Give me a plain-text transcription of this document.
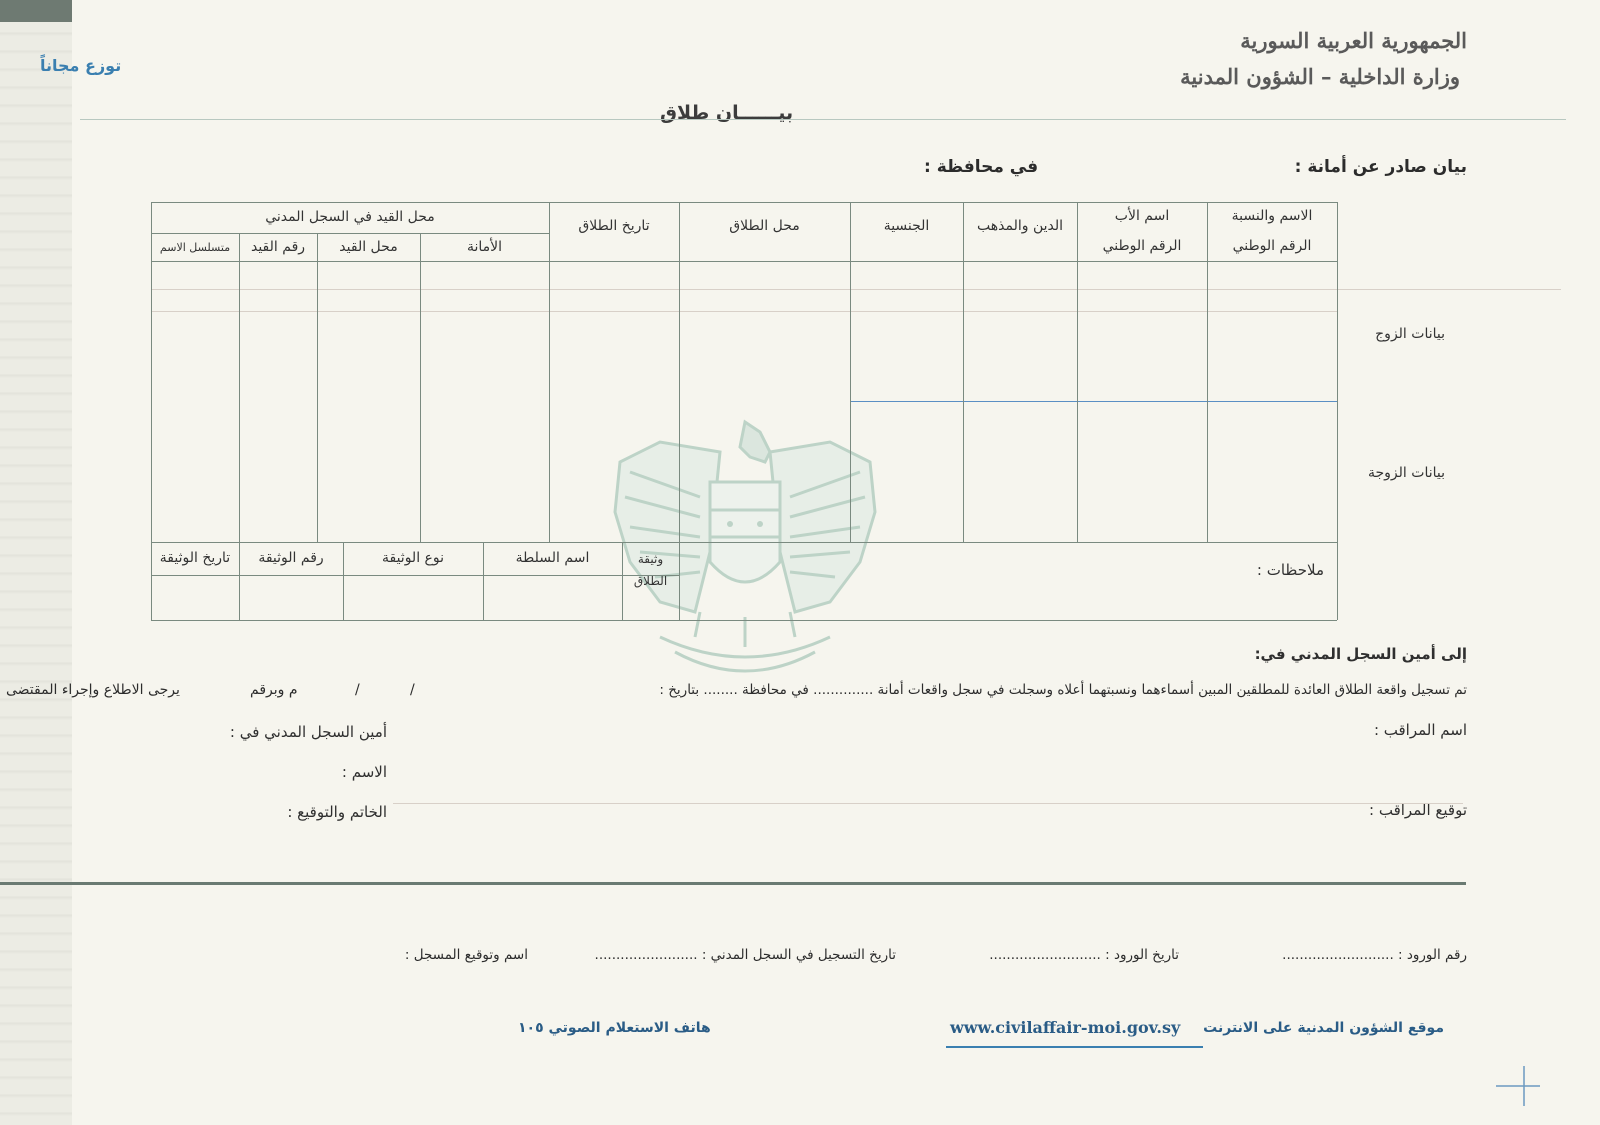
الجمهورية العربية السورية
وزارة الداخلية – الشؤون المدنية
توزع مجاناً
بيــــــان طلاق
بيان صادر عن أمانة :
في محافظة :
الاسم والنسبة
الرقم الوطني
اسم الأب
الرقم الوطني
الدين والمذهب
الجنسية
محل الطلاق
تاريخ الطلاق
محل القيد في السجل المدني
الأمانة
محل القيد
رقم القيد
متسلسل الاسم
بيانات الزوج
بيانات الزوجة
ملاحظات :
وثيقة الطلاق
اسم السلطة
نوع الوثيقة
رقم الوثيقة
تاريخ الوثيقة
إلى أمين السجل المدني في:
تم تسجيل واقعة الطلاق العائدة للمطلقين المبين أسماءهما ونسبتهما أعلاه وسجلت في سجل واقعات أمانة .............. في محافظة ........ بتاريخ :
/
/
م وبرقم
يرجى الاطلاع وإجراء المقتضى
اسم المراقب :
أمين السجل المدني في :
الاسم :
الخاتم والتوقيع :	توقيع المراقب :
رقم الورود : ..........................
تاريخ الورود : ..........................
تاريخ التسجيل في السجل المدني : ........................
اسم وتوقيع المسجل :
موقع الشؤون المدنية على الانترنت
www.civilaffair-moi.gov.sy
هاتف الاستعلام الصوتي ١٠٥
